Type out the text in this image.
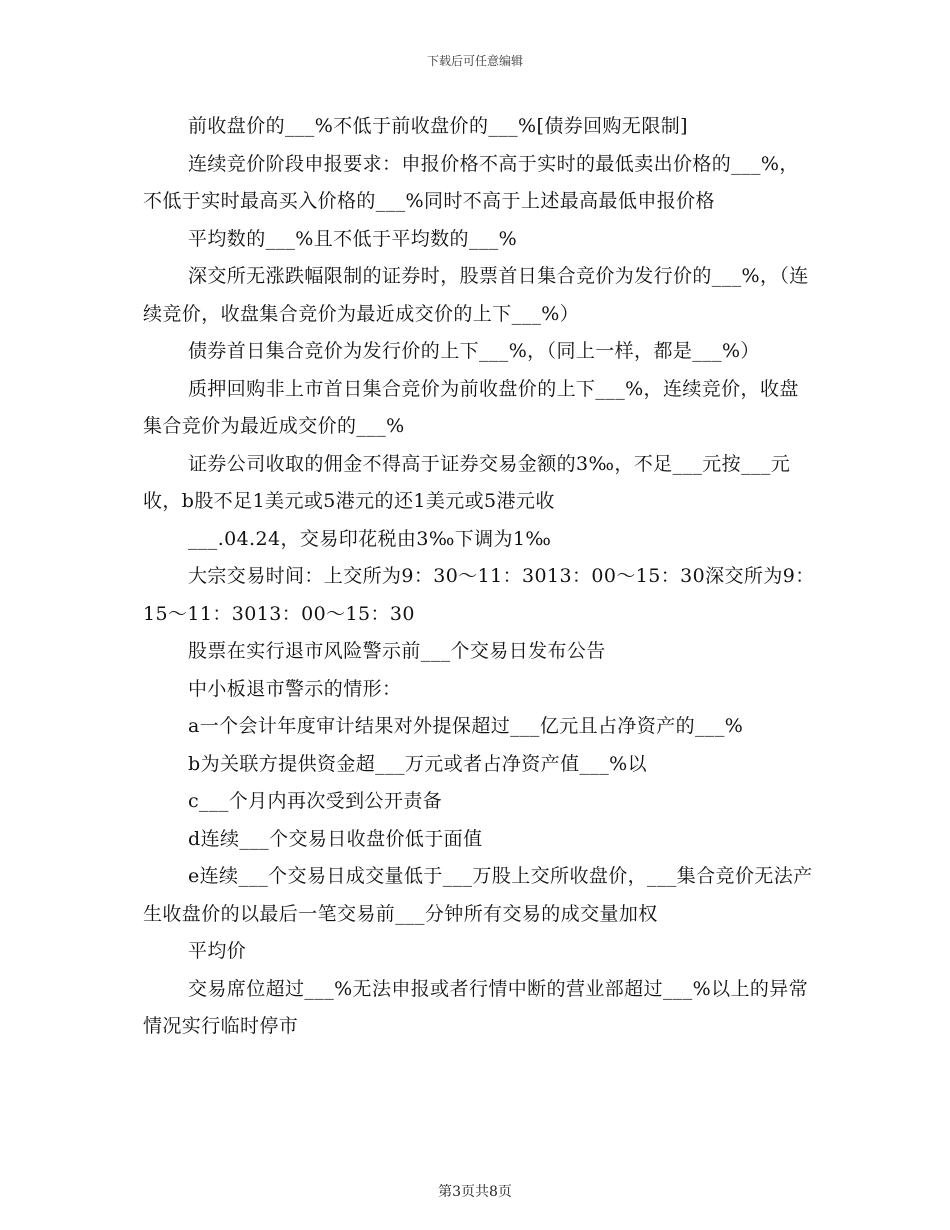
下载后可任意编辑

前收盘价的___%不低于前收盘价的___%[债券回购无限制]

连续竞价阶段申报要求：申报价格不高于实时的最低卖出价格的___%，不低于实时最高买入价格的___%同时不高于上述最高最低申报价格

平均数的___%且不低于平均数的___%

深交所无涨跌幅限制的证券时，股票首日集合竞价为发行价的___%，（连续竞价，收盘集合竞价为最近成交价的上下___%）

债券首日集合竞价为发行价的上下___%，（同上一样，都是___%）

质押回购非上市首日集合竞价为前收盘价的上下___%，连续竞价，收盘集合竞价为最近成交价的___%

证券公司收取的佣金不得高于证券交易金额的3‰，不足___元按___元收，b股不足1美元或5港元的还1美元或5港元收

___.04.24，交易印花税由3‰下调为1‰

大宗交易时间：上交所为9：30～11：3013：00～15：30深交所为9：15～11：3013：00～15：30

股票在实行退市风险警示前___个交易日发布公告

中小板退市警示的情形：

a一个会计年度审计结果对外提保超过___亿元且占净资产的___%

b为关联方提供资金超___万元或者占净资产值___%以

c___个月内再次受到公开责备

d连续___个交易日收盘价低于面值

e连续___个交易日成交量低于___万股上交所收盘价，___集合竞价无法产生收盘价的以最后一笔交易前___分钟所有交易的成交量加权

平均价

交易席位超过___%无法申报或者行情中断的营业部超过___%以上的异常情况实行临时停市

第3页共8页
